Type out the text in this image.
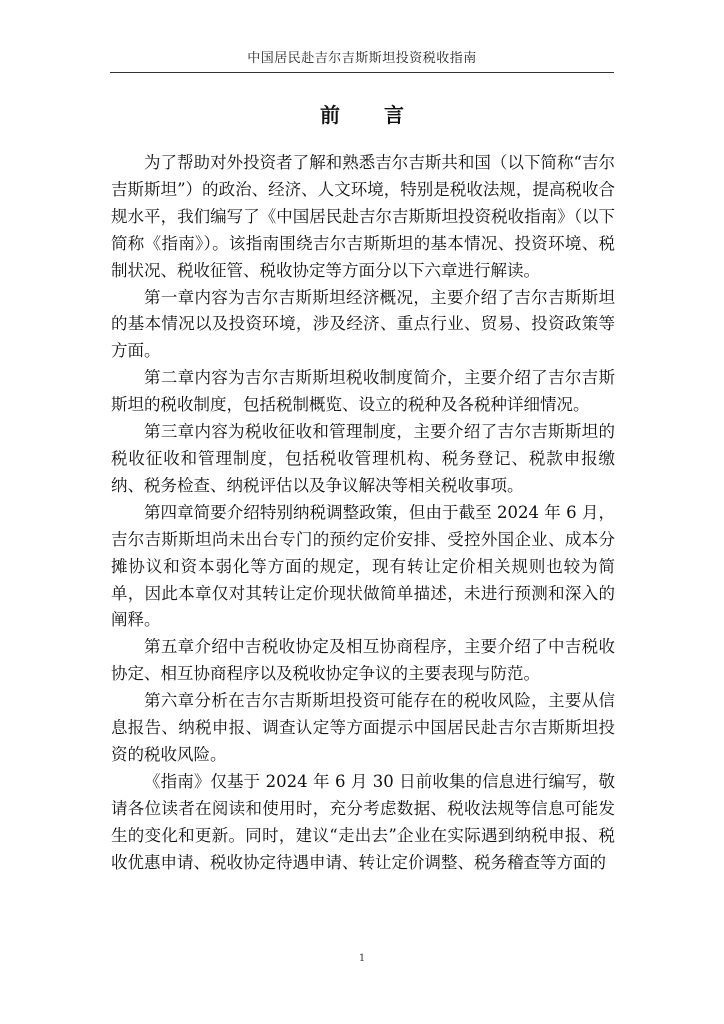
中国居民赴吉尔吉斯斯坦投资税收指南
前言

为了帮助对外投资者了解和熟悉吉尔吉斯共和国（以下简称“吉尔吉斯斯坦”）的政治、经济、人文环境，特别是税收法规，提高税收合规水平，我们编写了《中国居民赴吉尔吉斯斯坦投资税收指南》（以下简称《指南》）。该指南围绕吉尔吉斯斯坦的基本情况、投资环境、税制状况、税收征管、税收协定等方面分以下六章进行解读。

第一章内容为吉尔吉斯斯坦经济概况，主要介绍了吉尔吉斯斯坦的基本情况以及投资环境，涉及经济、重点行业、贸易、投资政策等方面。

第二章内容为吉尔吉斯斯坦税收制度简介，主要介绍了吉尔吉斯斯坦的税收制度，包括税制概览、设立的税种及各税种详细情况。

第三章内容为税收征收和管理制度，主要介绍了吉尔吉斯斯坦的税收征收和管理制度，包括税收管理机构、税务登记、税款申报缴纳、税务检查、纳税评估以及争议解决等相关税收事项。

第四章简要介绍特别纳税调整政策，但由于截至 2024 年 6 月，吉尔吉斯斯坦尚未出台专门的预约定价安排、受控外国企业、成本分摊协议和资本弱化等方面的规定，现有转让定价相关规则也较为简单，因此本章仅对其转让定价现状做简单描述，未进行预测和深入的阐释。

第五章介绍中吉税收协定及相互协商程序，主要介绍了中吉税收协定、相互协商程序以及税收协定争议的主要表现与防范。

第六章分析在吉尔吉斯斯坦投资可能存在的税收风险，主要从信息报告、纳税申报、调查认定等方面提示中国居民赴吉尔吉斯斯坦投资的税收风险。

《指南》仅基于 2024 年 6 月 30 日前收集的信息进行编写，敬请各位读者在阅读和使用时，充分考虑数据、税收法规等信息可能发生的变化和更新。同时，建议“走出去”企业在实际遇到纳税申报、税收优惠申请、税收协定待遇申请、转让定价调整、税务稽查等方面的

1
